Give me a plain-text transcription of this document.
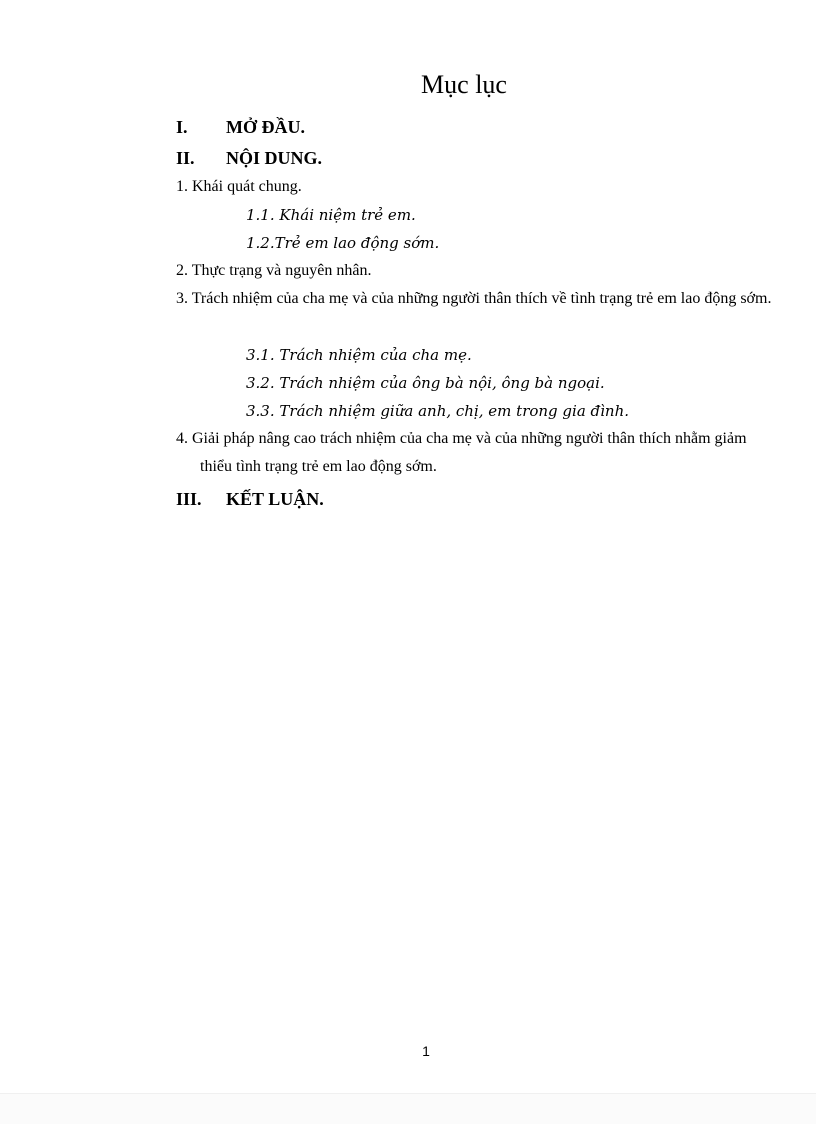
Mục lục
I. MỞ ĐẦU.
II. NỘI DUNG.
1. Khái quát chung.
1.1. Khái niệm trẻ em.
1.2.Trẻ em lao động sớm.
2. Thực trạng và nguyên nhân.
3. Trách nhiệm của cha mẹ và của những người thân thích về tình trạng trẻ em lao động sớm.
3.1. Trách nhiệm của cha mẹ.
3.2. Trách nhiệm của ông bà nội, ông bà ngoại.
3.3. Trách nhiệm giữa anh, chị, em trong gia đình.
4. Giải pháp nâng cao trách nhiệm của cha mẹ và của những người thân thích nhằm giảm thiểu tình trạng trẻ em lao động sớm.
III. KẾT LUẬN.
1
